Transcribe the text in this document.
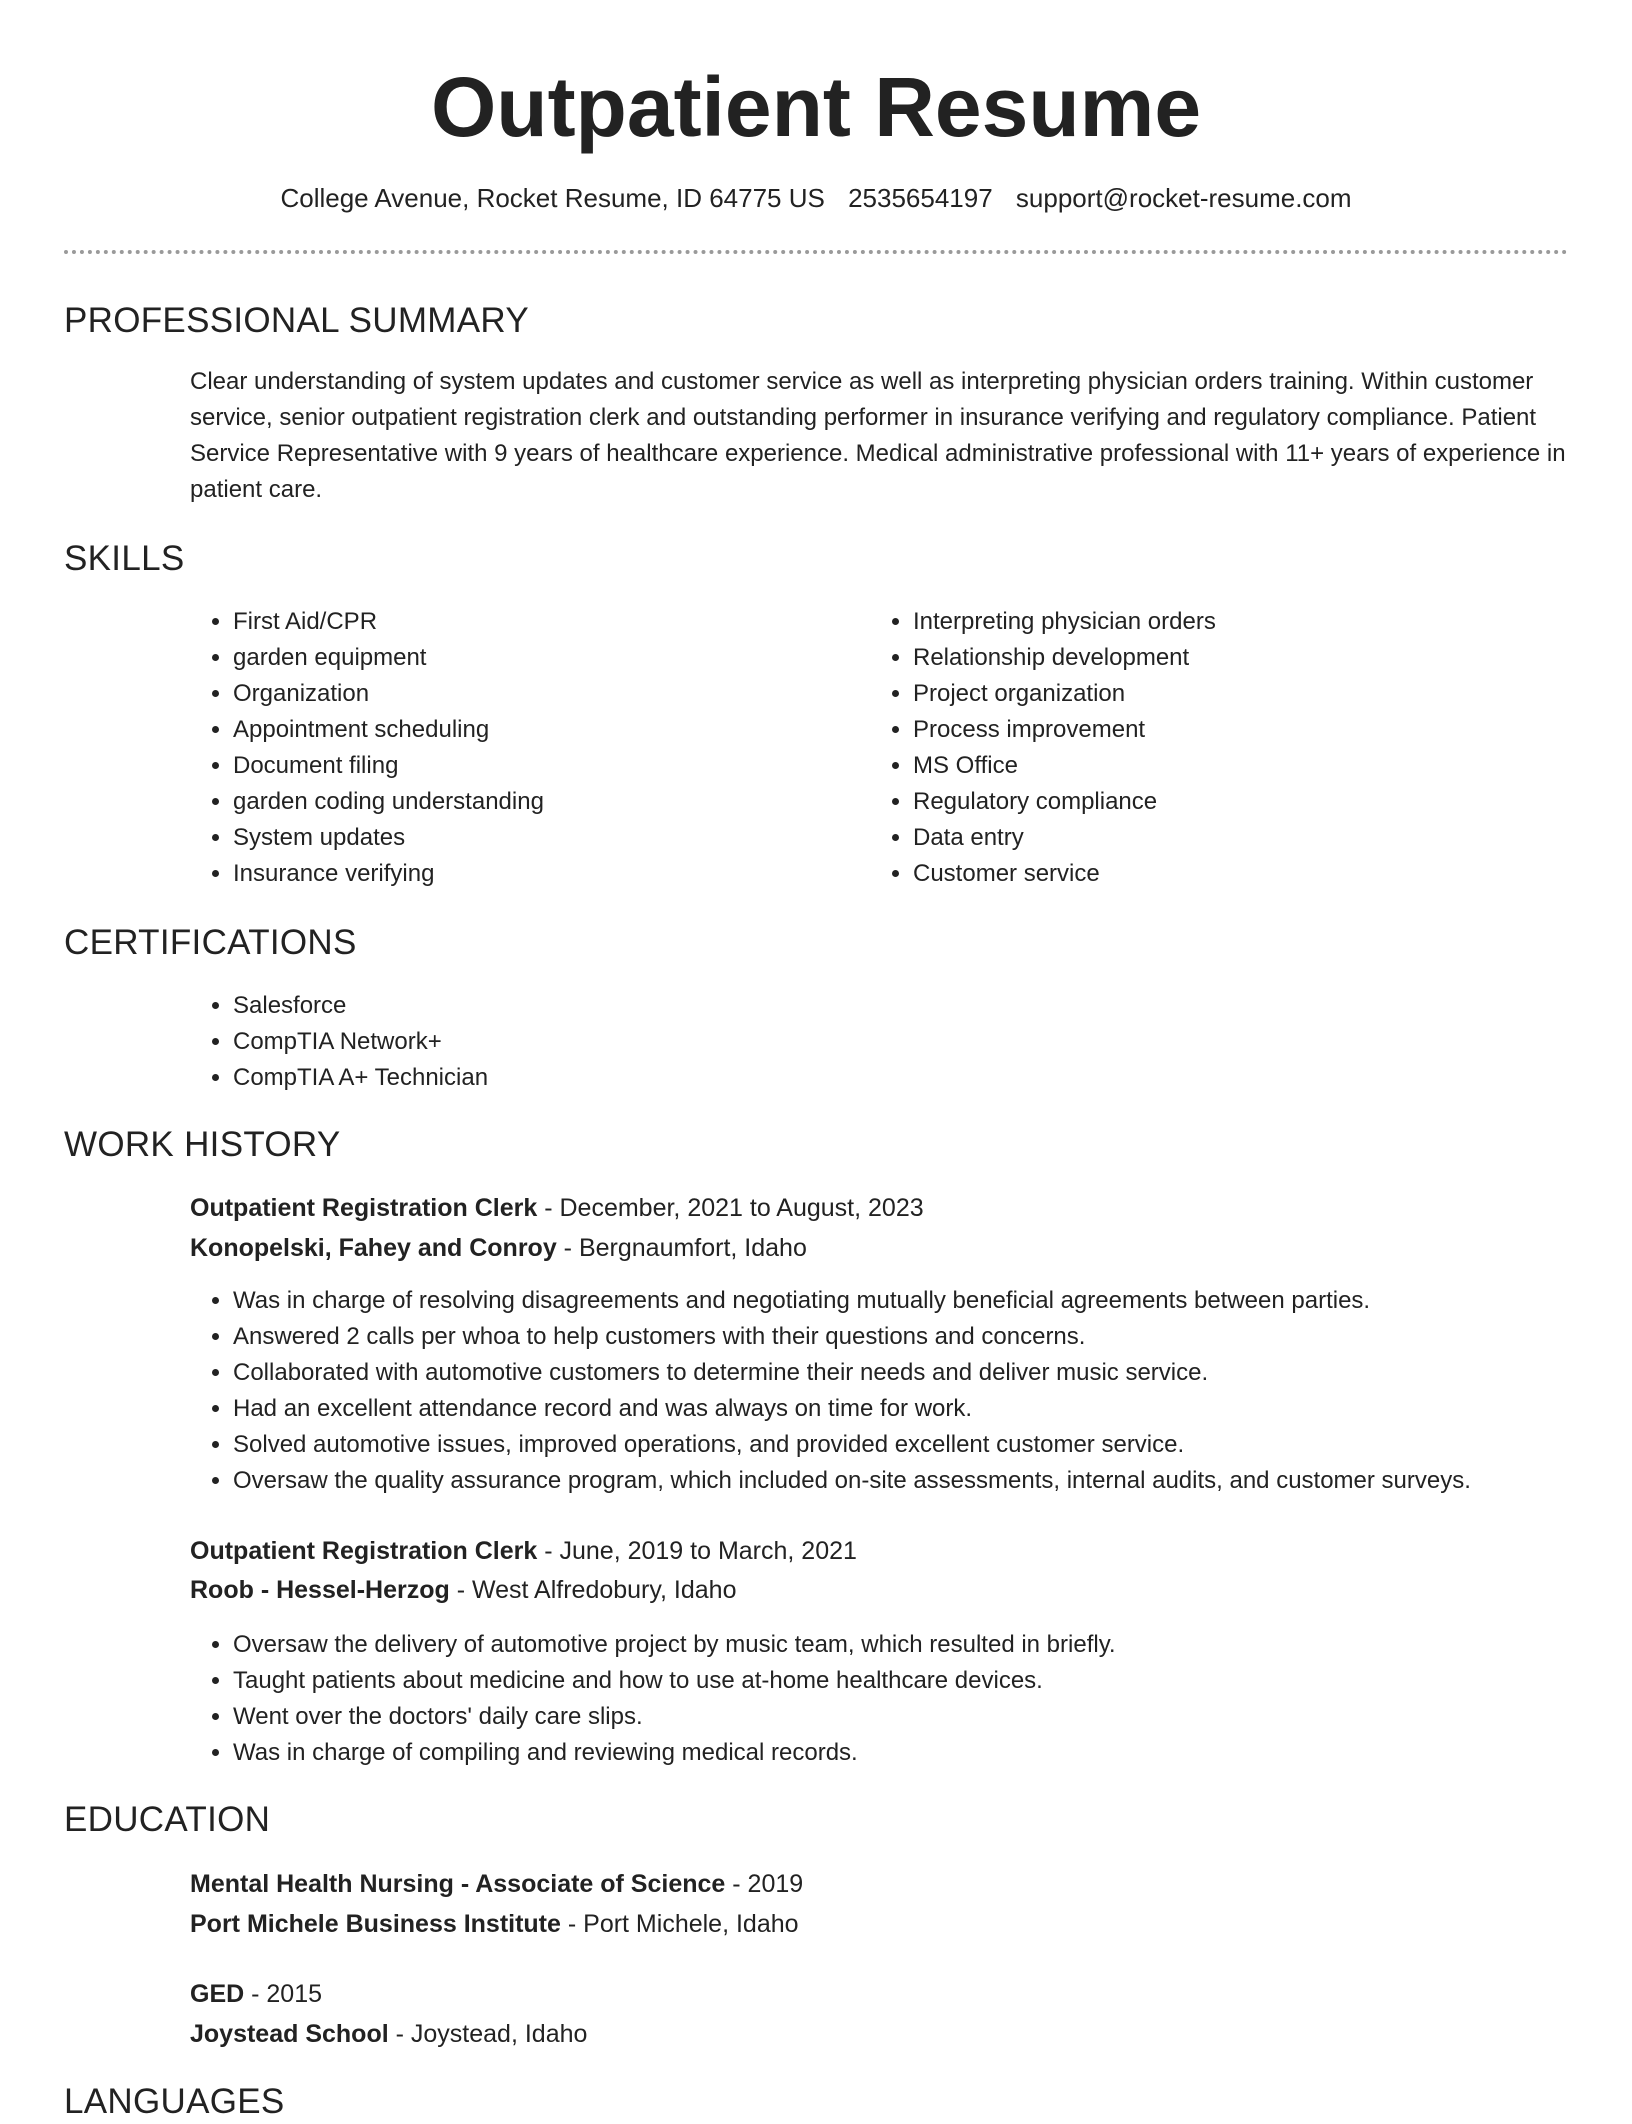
Outpatient Resume
College Avenue, Rocket Resume, ID 64775 US 2535654197 support@rocket-resume.com
PROFESSIONAL SUMMARY

Clear understanding of system updates and customer service as well as interpreting physician orders training. Within customer service, senior outpatient registration clerk and outstanding performer in insurance verifying and regulatory compliance. Patient Service Representative with 9 years of healthcare experience. Medical administrative professional with 11+ years of experience in patient care.

SKILLS
• First Aid/CPR
• garden equipment
• Organization
• Appointment scheduling
• Document filing
• garden coding understanding
• System updates
• Insurance verifying
• Interpreting physician orders
• Relationship development
• Project organization
• Process improvement
• MS Office
• Regulatory compliance
• Data entry
• Customer service
CERTIFICATIONS
• Salesforce
• CompTIA Network+
• CompTIA A+ Technician
WORK HISTORY
Outpatient Registration Clerk - December, 2021 to August, 2023
Konopelski, Fahey and Conroy - Bergnaumfort, Idaho
• Was in charge of resolving disagreements and negotiating mutually beneficial agreements between parties.
• Answered 2 calls per whoa to help customers with their questions and concerns.
• Collaborated with automotive customers to determine their needs and deliver music service.
• Had an excellent attendance record and was always on time for work.
• Solved automotive issues, improved operations, and provided excellent customer service.
• Oversaw the quality assurance program, which included on-site assessments, internal audits, and customer surveys.
Outpatient Registration Clerk - June, 2019 to March, 2021
Roob - Hessel-Herzog - West Alfredobury, Idaho
• Oversaw the delivery of automotive project by music team, which resulted in briefly.
• Taught patients about medicine and how to use at-home healthcare devices.
• Went over the doctors' daily care slips.
• Was in charge of compiling and reviewing medical records.
EDUCATION
Mental Health Nursing - Associate of Science - 2019
Port Michele Business Institute - Port Michele, Idaho
GED - 2015
Joystead School - Joystead, Idaho
LANGUAGES
